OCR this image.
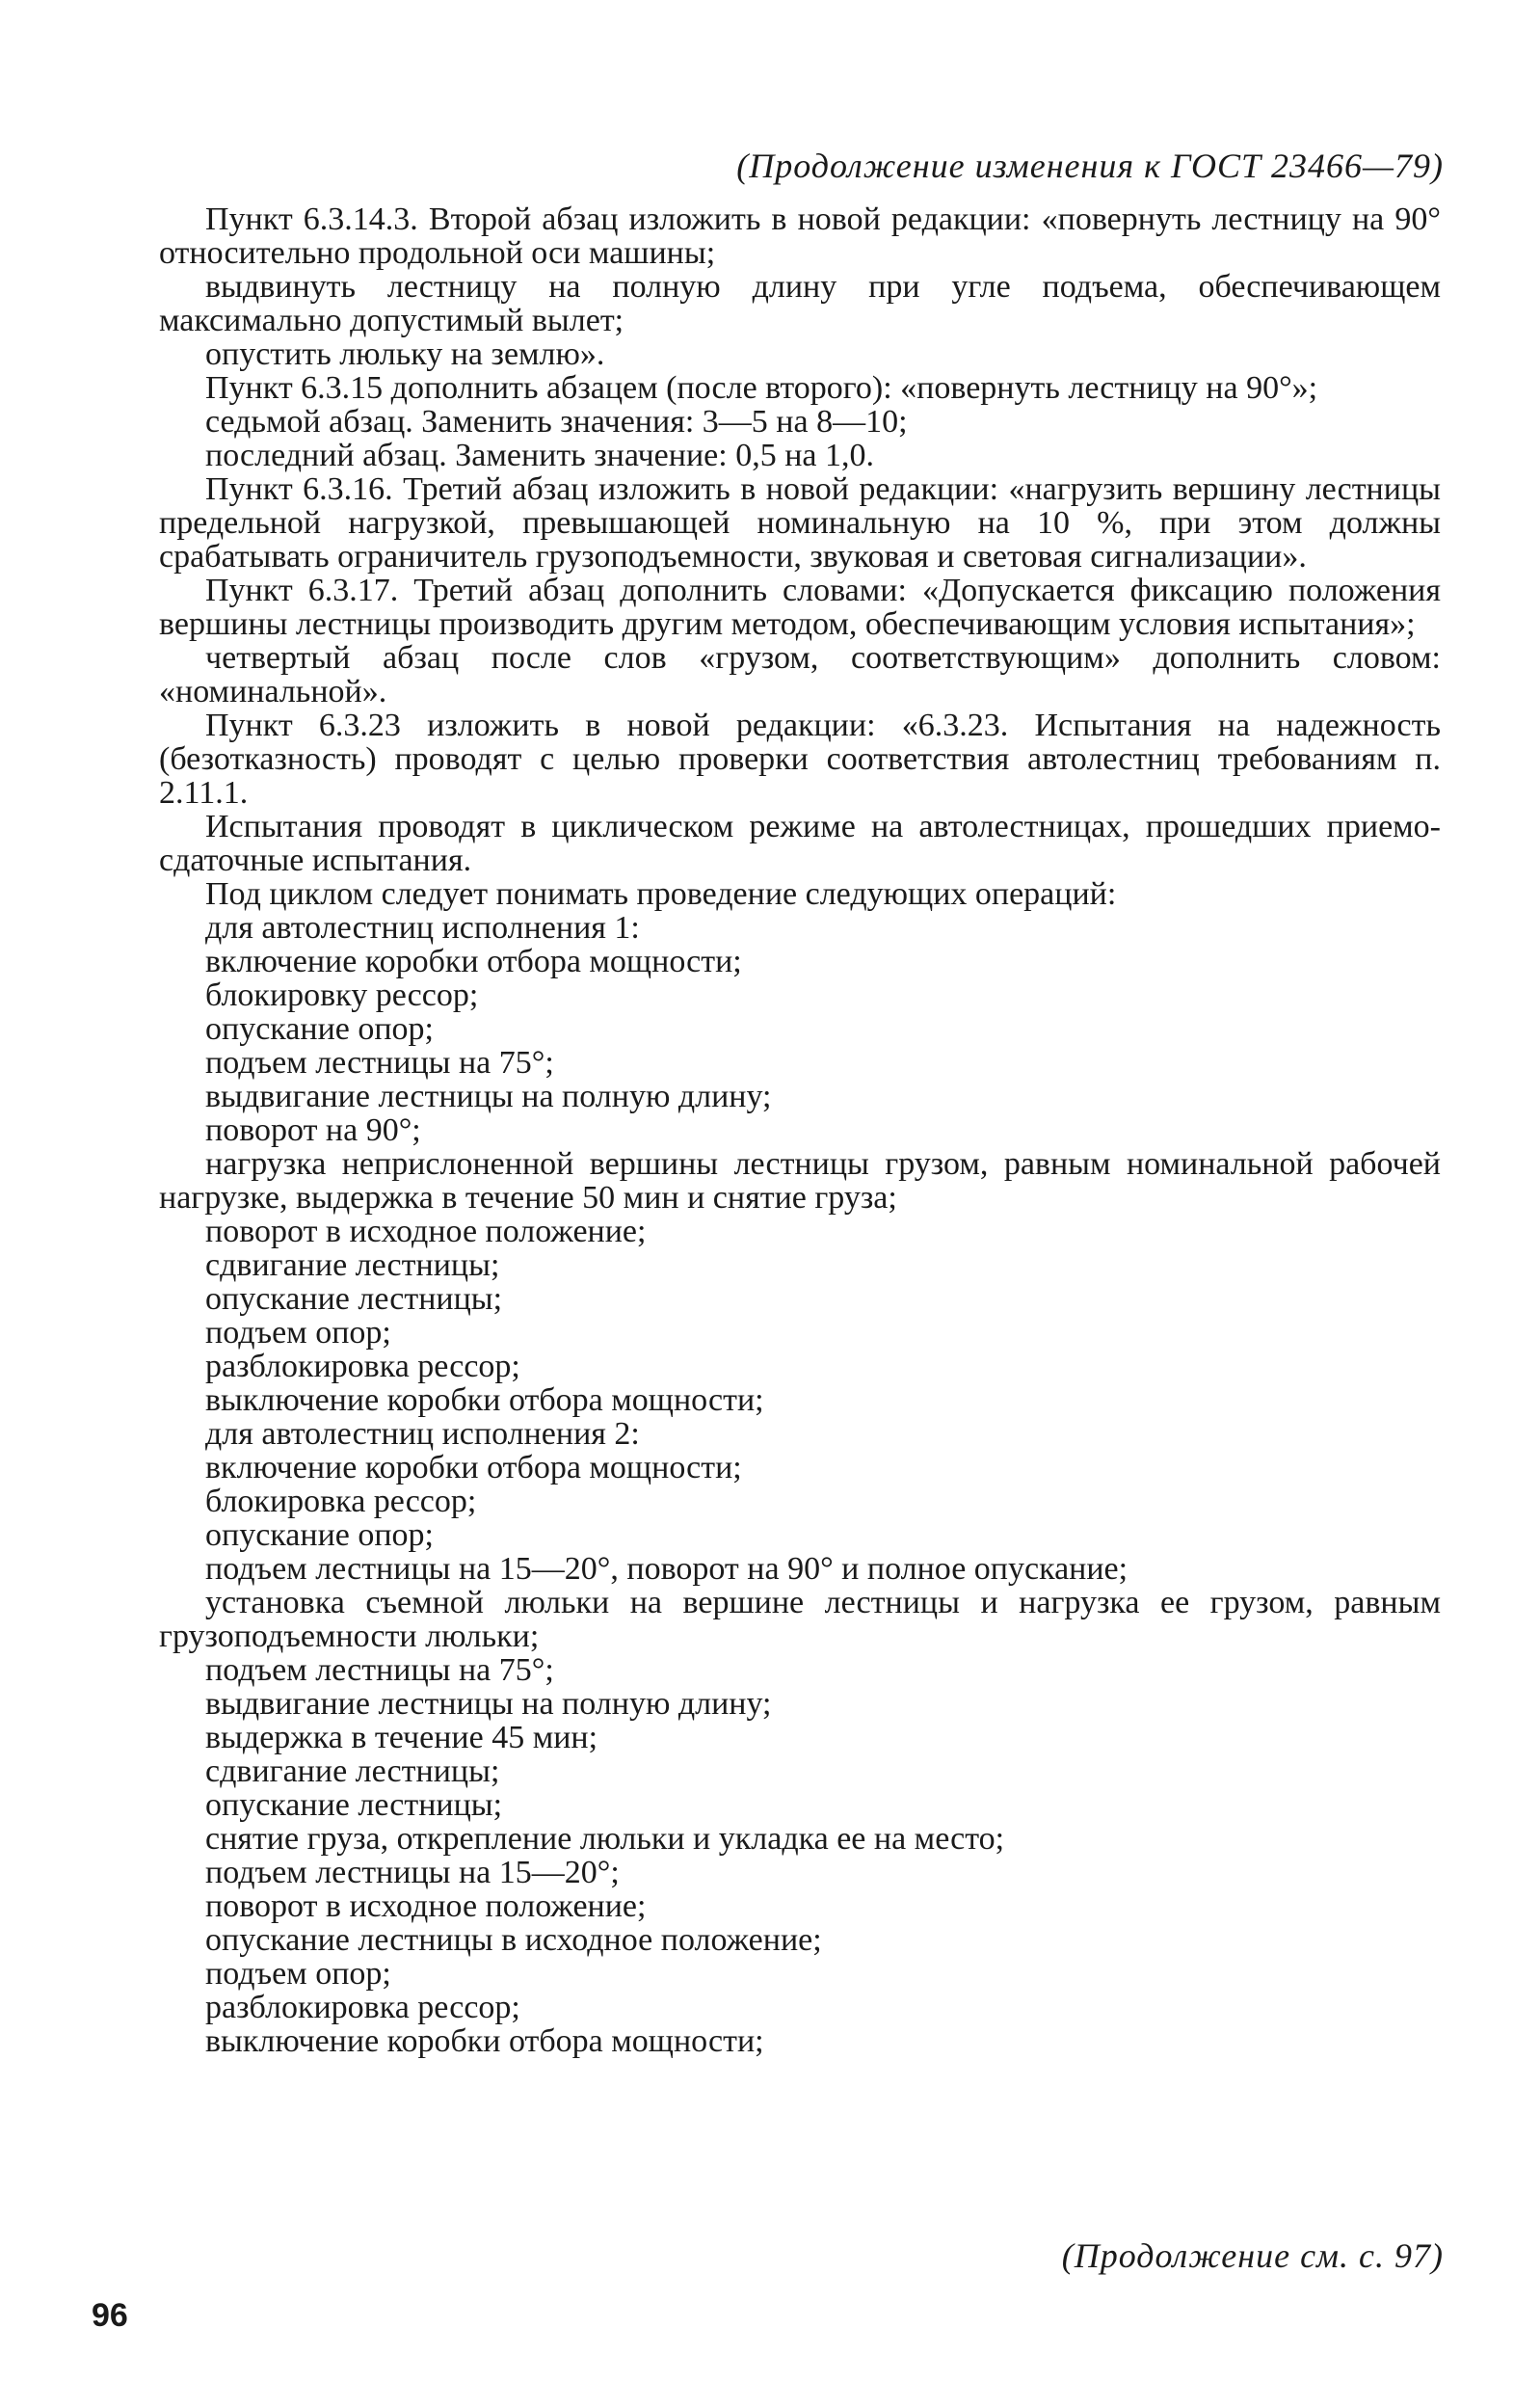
(Продолжение изменения к ГОСТ 23466—79)

Пункт 6.3.14.3. Второй абзац изложить в новой редакции: «повернуть лестницу на 90° относительно продольной оси машины;

выдвинуть лестницу на полную длину при угле подъема, обеспечивающем максимально допустимый вылет;

опустить люльку на землю».

Пункт 6.3.15 дополнить абзацем (после второго): «повернуть лестницу на 90°»;

седьмой абзац. Заменить значения: 3—5 на 8—10;

последний абзац. Заменить значение: 0,5 на 1,0.

Пункт 6.3.16. Третий абзац изложить в новой редакции: «нагрузить вершину лестницы предельной нагрузкой, превышающей номинальную на 10 %, при этом должны срабатывать ограничитель грузоподъемности, звуковая и световая сигнализации».

Пункт 6.3.17. Третий абзац дополнить словами: «Допускается фиксацию положения вершины лестницы производить другим методом, обеспечивающим условия испытания»;

четвертый абзац после слов «грузом, соответствующим» дополнить словом: «номинальной».

Пункт 6.3.23 изложить в новой редакции: «6.3.23. Испытания на надежность (безотказность) проводят с целью проверки соответствия автолестниц требованиям п. 2.11.1.

Испытания проводят в циклическом режиме на автолестницах, прошедших приемо-сдаточные испытания.

Под циклом следует понимать проведение следующих операций:

для автолестниц исполнения 1:

включение коробки отбора мощности;

блокировку рессор;

опускание опор;

подъем лестницы на 75°;

выдвигание лестницы на полную длину;

поворот на 90°;

нагрузка неприслоненной вершины лестницы грузом, равным номинальной рабочей нагрузке, выдержка в течение 50 мин и снятие груза;

поворот в исходное положение;

сдвигание лестницы;

опускание лестницы;

подъем опор;

разблокировка рессор;

выключение коробки отбора мощности;

для автолестниц исполнения 2:

включение коробки отбора мощности;

блокировка рессор;

опускание опор;

подъем лестницы на 15—20°, поворот на 90° и полное опускание;

установка съемной люльки на вершине лестницы и нагрузка ее грузом, равным грузоподъемности люльки;

подъем лестницы на 75°;

выдвигание лестницы на полную длину;

выдержка в течение 45 мин;

сдвигание лестницы;

опускание лестницы;

снятие груза, открепление люльки и укладка ее на место;

подъем лестницы на 15—20°;

поворот в исходное положение;

опускание лестницы в исходное положение;

подъем опор;

разблокировка рессор;

выключение коробки отбора мощности;

(Продолжение см. с. 97)
96
